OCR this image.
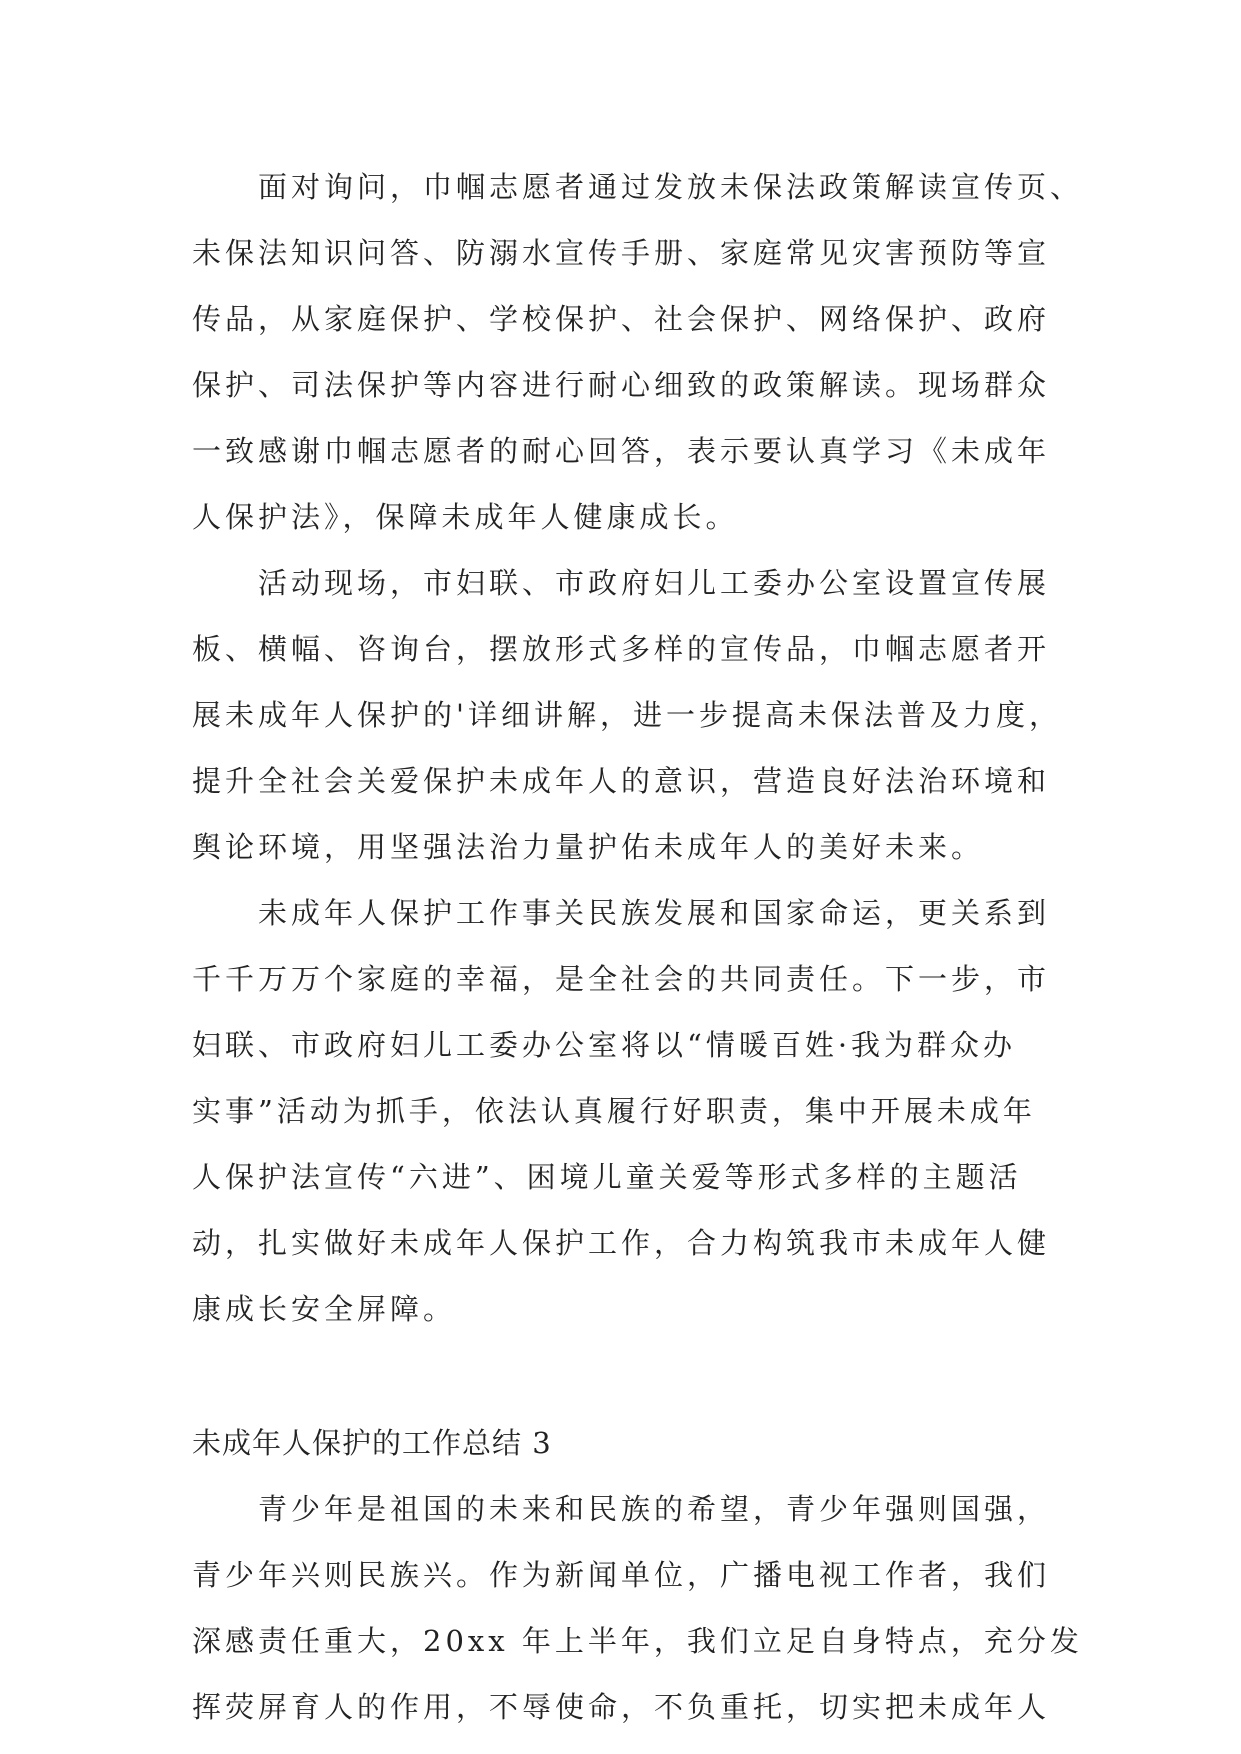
面对询问，巾帼志愿者通过发放未保法政策解读宣传页、
未保法知识问答、防溺水宣传手册、家庭常见灾害预防等宣
传品，从家庭保护、学校保护、社会保护、网络保护、政府
保护、司法保护等内容进行耐心细致的政策解读。现场群众
一致感谢巾帼志愿者的耐心回答，表示要认真学习《未成年
人保护法》，保障未成年人健康成长。
活动现场，市妇联、市政府妇儿工委办公室设置宣传展
板、横幅、咨询台，摆放形式多样的宣传品，巾帼志愿者开
展未成年人保护的'详细讲解，进一步提高未保法普及力度，
提升全社会关爱保护未成年人的意识，营造良好法治环境和
舆论环境，用坚强法治力量护佑未成年人的美好未来。
未成年人保护工作事关民族发展和国家命运，更关系到
千千万万个家庭的幸福，是全社会的共同责任。下一步，市
妇联、市政府妇儿工委办公室将以“情暖百姓·我为群众办
实事”活动为抓手，依法认真履行好职责，集中开展未成年
人保护法宣传“六进”、困境儿童关爱等形式多样的主题活
动，扎实做好未成年人保护工作，合力构筑我市未成年人健
康成长安全屏障。
未成年人保护的工作总结 3
青少年是祖国的未来和民族的希望，青少年强则国强，
青少年兴则民族兴。作为新闻单位，广播电视工作者，我们
深感责任重大，20xx 年上半年，我们立足自身特点，充分发
挥荧屏育人的作用，不辱使命，不负重托，切实把未成年人
